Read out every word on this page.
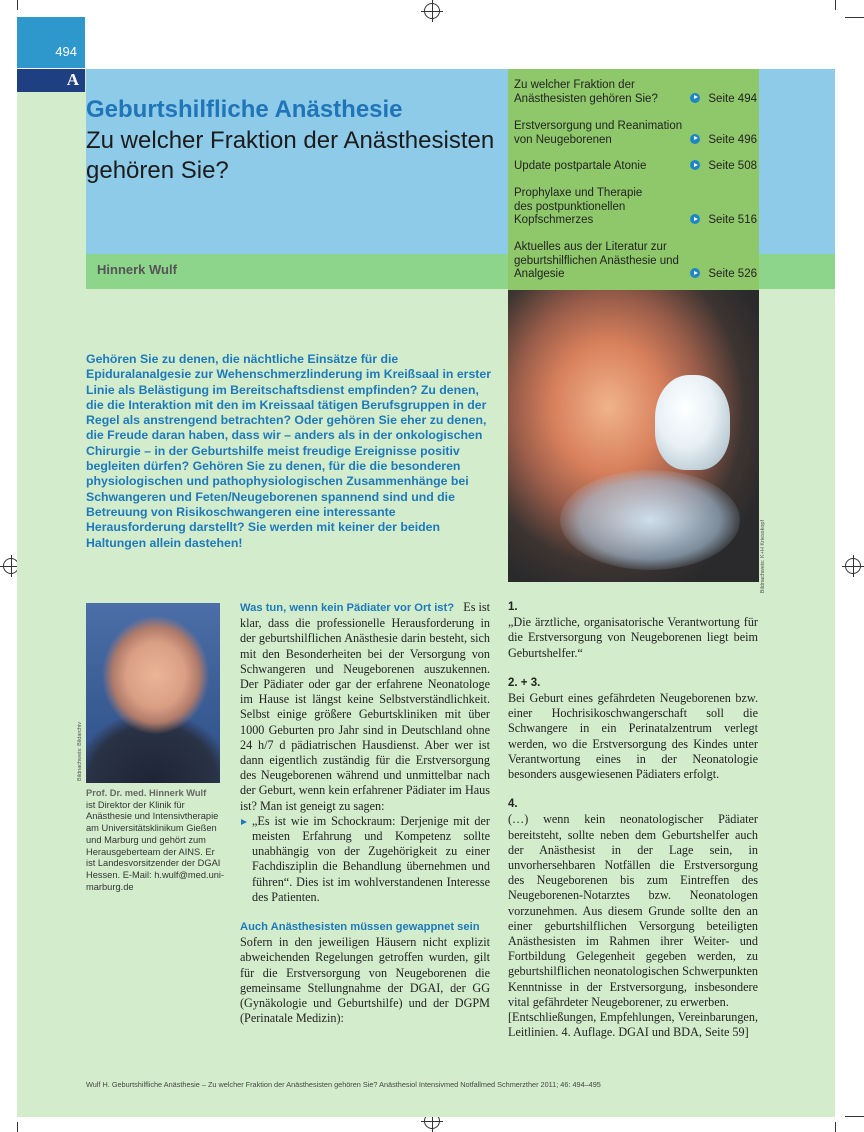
494
A
Geburtshilfliche Anästhesie
Zu welcher Fraktion der Anästhesisten gehören Sie?
Hinnerk Wulf
Zu welcher Fraktion der Anästhesisten gehören Sie?	Seite 494
Erstversorgung und Reanimation von Neugeborenen	Seite 496
Update postpartale Atonie	Seite 508
Prophylaxe und Therapie des postpunktionellen Kopfschmerzes	Seite 516
Aktuelles aus der Literatur zur geburtshilflichen Anästhesie und Analgesie	Seite 526
Gehören Sie zu denen, die nächtliche Einsätze für die Epiduralanalgesie zur Wehenschmerzlinderung im Kreißsaal in erster Linie als Belästigung im Bereitschaftsdienst empfinden? Zu denen, die die Interaktion mit den im Kreissaal tätigen Berufsgruppen in der Regel als anstrengend betrachten? Oder gehören Sie eher zu denen, die Freude daran haben, dass wir – anders als in der onkologischen Chirurgie – in der Geburtshilfe meist freudige Ereignisse positiv begleiten dürfen? Gehören Sie zu denen, für die die besonderen physiologischen und pathophysiologischen Zusammenhänge bei Schwangeren und Feten/Neugeborenen spannend sind und die Betreuung von Risikoschwangeren eine interessante Herausforderung darstellt? Sie werden mit keiner der beiden Haltungen allein dastehen!	Bildnachweis: K+H Kriesskopf
Bildnachweis: Bildarchiv
Prof. Dr. med. Hinnerk Wulf
ist Direktor der Klinik für Anästhesie und Intensivtherapie am Universitätsklinikum Gießen und Marburg und gehört zum Herausgeberteam der AINS. Er ist Landesvorsitzender der DGAI Hessen. E-Mail: h.wulf@med.uni-marburg.de

Was tun, wenn kein Pädiater vor Ort ist? Es ist klar, dass die professionelle Herausforderung in der geburtshilflichen Anästhesie darin besteht, sich mit den Besonderheiten bei der Versorgung von Schwangeren und Neugeborenen auszukennen. Der Pädiater oder gar der erfahrene Neonatologe im Hause ist längst keine Selbstverständlichkeit. Selbst einige größere Geburtskliniken mit über 1000 Geburten pro Jahr sind in Deutschland ohne 24 h/7 d pädiatrischen Hausdienst. Aber wer ist dann eigentlich zuständig für die Erstversorgung des Neugeborenen während und unmittelbar nach der Geburt, wenn kein erfahrener Pädiater im Haus ist? Man ist geneigt zu sagen:

„Es ist wie im Schockraum: Derjenige mit der meisten Erfahrung und Kompetenz sollte unabhängig von der Zugehörigkeit zu einer Fachdisziplin die Behandlung übernehmen und führen“. Dies ist im wohlverstandenen Interesse des Patienten.

Auch Anästhesisten müssen gewappnet sein

Sofern in den jeweiligen Häusern nicht explizit abweichenden Regelungen getroffen wurden, gilt für die Erstversorgung von Neugeborenen die gemeinsame Stellungnahme der DGAI, der GG (Gynäkologie und Geburtshilfe) und der DGPM (Perinatale Medizin):

1.

„Die ärztliche, organisatorische Verantwortung für die Erstversorgung von Neugeborenen liegt beim Geburtshelfer.“

2. + 3.

Bei Geburt eines gefährdeten Neugeborenen bzw. einer Hochrisikoschwangerschaft soll die Schwangere in ein Perinatalzentrum verlegt werden, wo die Erstversorgung des Kindes unter Verantwortung eines in der Neonatologie besonders ausgewiesenen Pädiaters erfolgt.

4.

(…) wenn kein neonatologischer Pädiater bereitsteht, sollte neben dem Geburtshelfer auch der Anästhesist in der Lage sein, in unvorhersehbaren Notfällen die Erstversorgung des Neugeborenen bis zum Eintreffen des Neugeborenen-Notarztes bzw. Neonatologen vorzunehmen. Aus diesem Grunde sollte den an einer geburtshilflichen Versorgung beteiligten Anästhesisten im Rahmen ihrer Weiter- und Fortbildung Gelegenheit gegeben werden, zu geburtshilflichen neonatologischen Schwerpunkten Kenntnisse in der Erstversorgung, insbesondere vital gefährdeter Neugeborener, zu erwerben.

[Entschließungen, Empfehlungen, Vereinbarungen, Leitlinien. 4. Auflage. DGAI und BDA, Seite 59]

Wulf H. Geburtshilfliche Anästhesie – Zu welcher Fraktion der Anästhesisten gehören Sie? Anästhesiol Intensivmed Notfallmed Schmerzther 2011; 46: 494–495
